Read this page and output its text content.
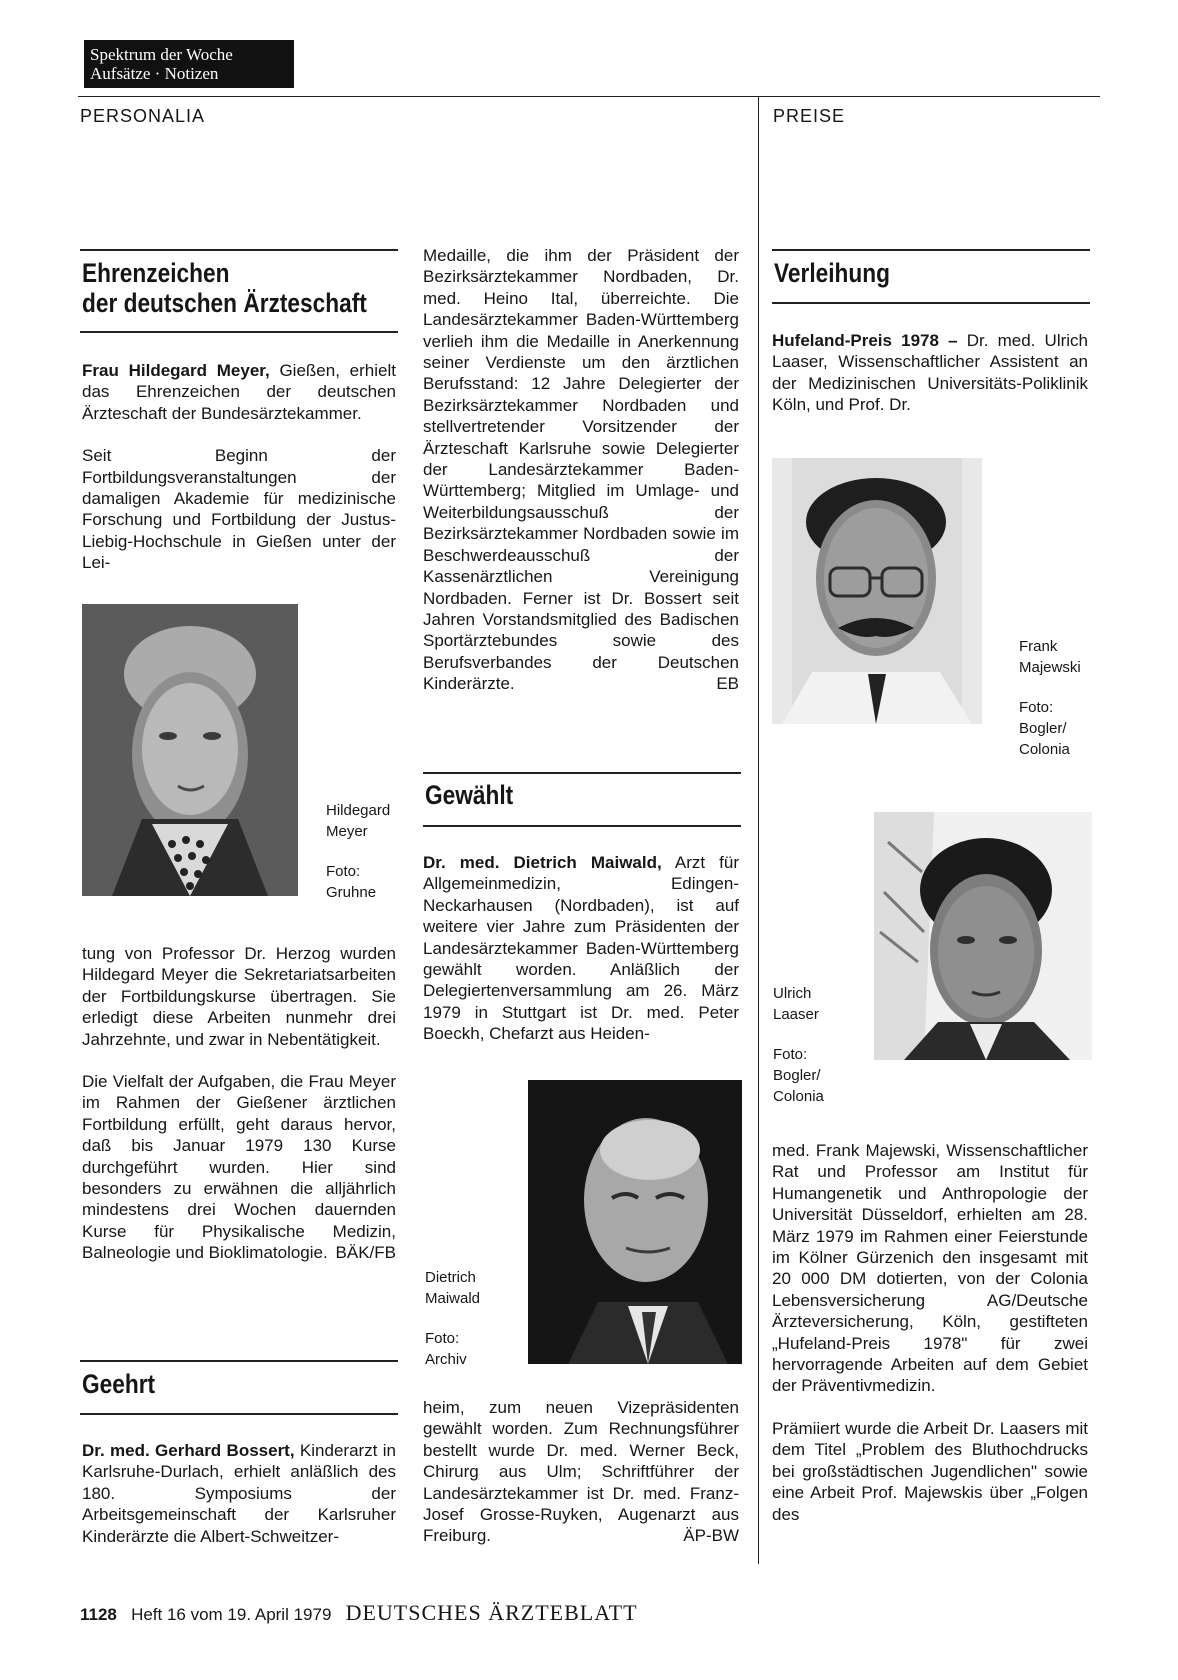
Spektrum der Woche
Aufsätze · Notizen
PERSONALIA	PREISE
Ehrenzeichen
der deutschen Ärzteschaft

Frau Hildegard Meyer, Gießen, erhielt das Ehrenzeichen der deutschen Ärzteschaft der Bundesärztekammer.

Seit Beginn der Fortbildungsveranstaltungen der damaligen Akademie für medizinische Forschung und Fortbildung der Justus-Liebig-Hochschule in Gießen unter der Lei-

Hildegard
Meyer
Foto:
Gruhne

tung von Professor Dr. Herzog wurden Hildegard Meyer die Sekretariatsarbeiten der Fortbildungskurse übertragen. Sie erledigt diese Arbeiten nunmehr drei Jahrzehnte, und zwar in Nebentätigkeit.

Die Vielfalt der Aufgaben, die Frau Meyer im Rahmen der Gießener ärztlichen Fortbildung erfüllt, geht daraus hervor, daß bis Januar 1979 130 Kurse durchgeführt wurden. Hier sind besonders zu erwähnen die alljährlich mindestens drei Wochen dauernden Kurse für Physikalische Medizin, Balneologie und Bioklimatologie. BÄK/FB

Geehrt

Dr. med. Gerhard Bossert, Kinderarzt in Karlsruhe-Durlach, erhielt anläßlich des 180. Symposiums der Arbeitsgemeinschaft der Karlsruher Kinderärzte die Albert-Schweitzer-

Medaille, die ihm der Präsident der Bezirksärztekammer Nordbaden, Dr. med. Heino Ital, überreichte. Die Landesärztekammer Baden-Württemberg verlieh ihm die Medaille in Anerkennung seiner Verdienste um den ärztlichen Berufsstand: 12 Jahre Delegierter der Bezirksärztekammer Nordbaden und stellvertretender Vorsitzender der Ärzteschaft Karlsruhe sowie Delegierter der Landesärztekammer Baden-Württemberg; Mitglied im Umlage- und Weiterbildungsausschuß der Bezirksärztekammer Nordbaden sowie im Beschwerdeausschuß der Kassenärztlichen Vereinigung Nordbaden. Ferner ist Dr. Bossert seit Jahren Vorstandsmitglied des Badischen Sportärztebundes sowie des Berufsverbandes der Deutschen Kinderärzte.	EB

Gewählt

Dr. med. Dietrich Maiwald, Arzt für Allgemeinmedizin, Edingen-Neckarhausen (Nordbaden), ist auf weitere vier Jahre zum Präsidenten der Landesärztekammer Baden-Württemberg gewählt worden. Anläßlich der Delegiertenversammlung am 26. März 1979 in Stuttgart ist Dr. med. Peter Boeckh, Chefarzt aus Heiden-

Dietrich
Maiwald
Foto:
Archiv

heim, zum neuen Vizepräsidenten gewählt worden. Zum Rechnungsführer bestellt wurde Dr. med. Werner Beck, Chirurg aus Ulm; Schriftführer der Landesärztekammer ist Dr. med. Franz-Josef Grosse-Ruyken, Augenarzt aus Freiburg.	ÄP-BW

Verleihung

Hufeland-Preis 1978 – Dr. med. Ulrich Laaser, Wissenschaftlicher Assistent an der Medizinischen Universitäts-Poliklinik Köln, und Prof. Dr.

Frank
Majewski
Foto:
Bogler/
Colonia
Ulrich
Laaser
Foto:
Bogler/
Colonia

med. Frank Majewski, Wissenschaftlicher Rat und Professor am Institut für Humangenetik und Anthropologie der Universität Düsseldorf, erhielten am 28. März 1979 im Rahmen einer Feierstunde im Kölner Gürzenich den insgesamt mit 20 000 DM dotierten, von der Colonia Lebensversicherung AG/Deutsche Ärzteversicherung, Köln, gestifteten „Hufeland-Preis 1978" für zwei hervorragende Arbeiten auf dem Gebiet der Präventivmedizin.

Prämiiert wurde die Arbeit Dr. Laasers mit dem Titel „Problem des Bluthochdrucks bei großstädtischen Jugendlichen" sowie eine Arbeit Prof. Majewskis über „Folgen des

1128 Heft 16 vom 19. April 1979 DEUTSCHES ÄRZTEBLATT
